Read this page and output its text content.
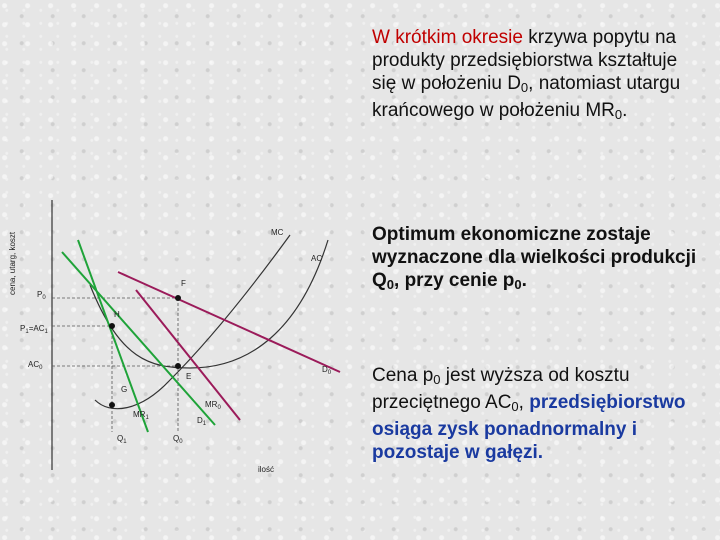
W krótkim okresie krzywa popytu na produkty przedsiębiorstwa kształtuje się w położeniu $D_0$, natomiast utargu krańcowego w położeniu $MR_0$.
Optimum ekonomiczne zostaje wyznaczone dla wielkości produkcji $Q_0$, przy cenie $p_0$.
Cena $p_0$ jest wyższa od kosztu przeciętnego $AC_0$, przedsiębiorstwo osiąga zysk ponadnormalny i pozostaje w gałęzi.
cena, utarg, koszt	MC
AC
F
H
E
G
$P_0$
$P_1=AC_1$
$AC_0$	$D_0$
$D_1$
$MR_0$
$MR_1$
$Q_1$	$Q_0$
ilość
